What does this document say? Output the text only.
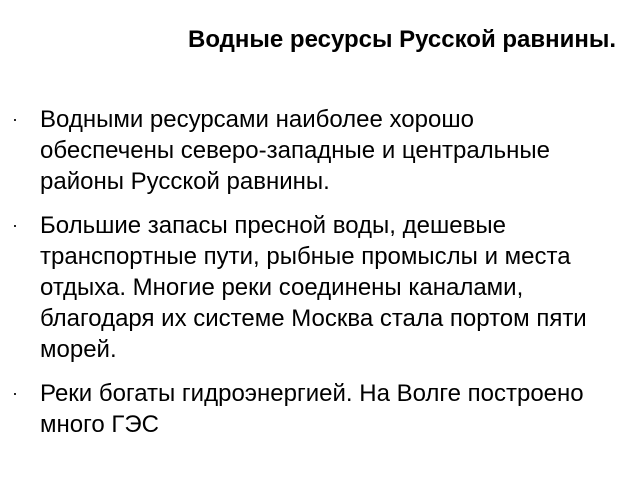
Водные ресурсы Русской равнины.
· Водными ресурсами наиболее хорошо обеспечены северо-западные и центральные районы Русской равнины.
· Большие запасы пресной воды, дешевые транспортные пути, рыбные промыслы и места отдыха. Многие реки соединены каналами, благодаря их системе Москва стала портом пяти морей.
· Реки богаты гидроэнергией. На Волге построено много ГЭС
